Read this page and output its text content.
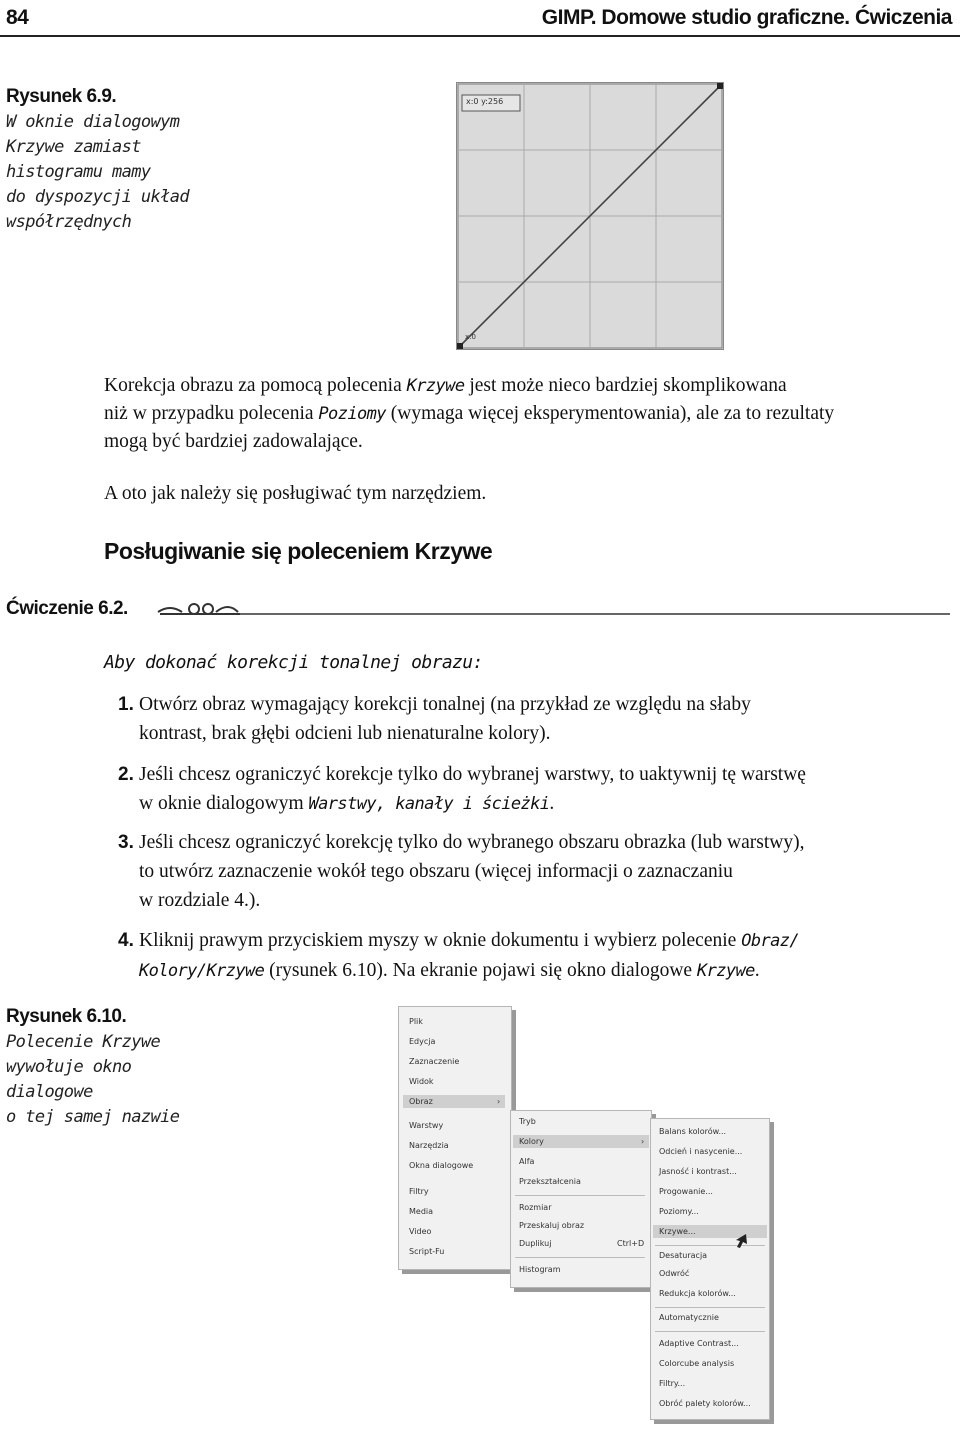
84	GIMP. Domowe studio graficzne. Ćwiczenia
Rysunek 6.9.
W oknie dialogowym
Krzywe zamiast
histogramu mamy
do dyspozycji układ
współrzędnych
x:0 y:256
x:0
Korekcja obrazu za pomocą polecenia Krzywe jest może nieco bardziej skomplikowana
niż w przypadku polecenia Poziomy (wymaga więcej eksperymentowania), ale za to rezultaty
mogą być bardziej zadowalające.
A oto jak należy się posługiwać tym narzędziem.
Posługiwanie się poleceniem Krzywe
Ćwiczenie 6.2.
Aby dokonać korekcji tonalnej obrazu:
1. Otwórz obraz wymagający korekcji tonalnej (na przykład ze względu na słaby
kontrast, brak głębi odcieni lub nienaturalne kolory).
2. Jeśli chcesz ograniczyć korekcje tylko do wybranej warstwy, to uaktywnij tę warstwę
w oknie dialogowym Warstwy, kanały i ścieżki.
3. Jeśli chcesz ograniczyć korekcję tylko do wybranego obszaru obrazka (lub warstwy),
to utwórz zaznaczenie wokół tego obszaru (więcej informacji o zaznaczaniu
w rozdziale 4.).
4. Kliknij prawym przyciskiem myszy w oknie dokumentu i wybierz polecenie Obraz/
Kolory/Krzywe (rysunek 6.10). Na ekranie pojawi się okno dialogowe Krzywe.
Rysunek 6.10.
Polecenie Krzywe
wywołuje okno
dialogowe
o tej samej nazwie
Plik
Edycja
Zaznaczenie
Widok
Obraz
Warstwy
Narzędzia
Okna dialogowe
Filtry
Media
Video
Script-Fu
›
Tryb
Kolory	›
Alfa
Przekształcenia
Rozmiar
Przeskaluj obraz
Duplikuj	Ctrl+D
Histogram
Balans kolorów...
Odcień i nasycenie...
Jasność i kontrast...
Progowanie...
Poziomy...
Krzywe...
Desaturacja
Odwróć
Redukcja kolorów...
Automatycznie
Adaptive Contrast...
Colorcube analysis
Filtry...
Obróć palety kolorów...
